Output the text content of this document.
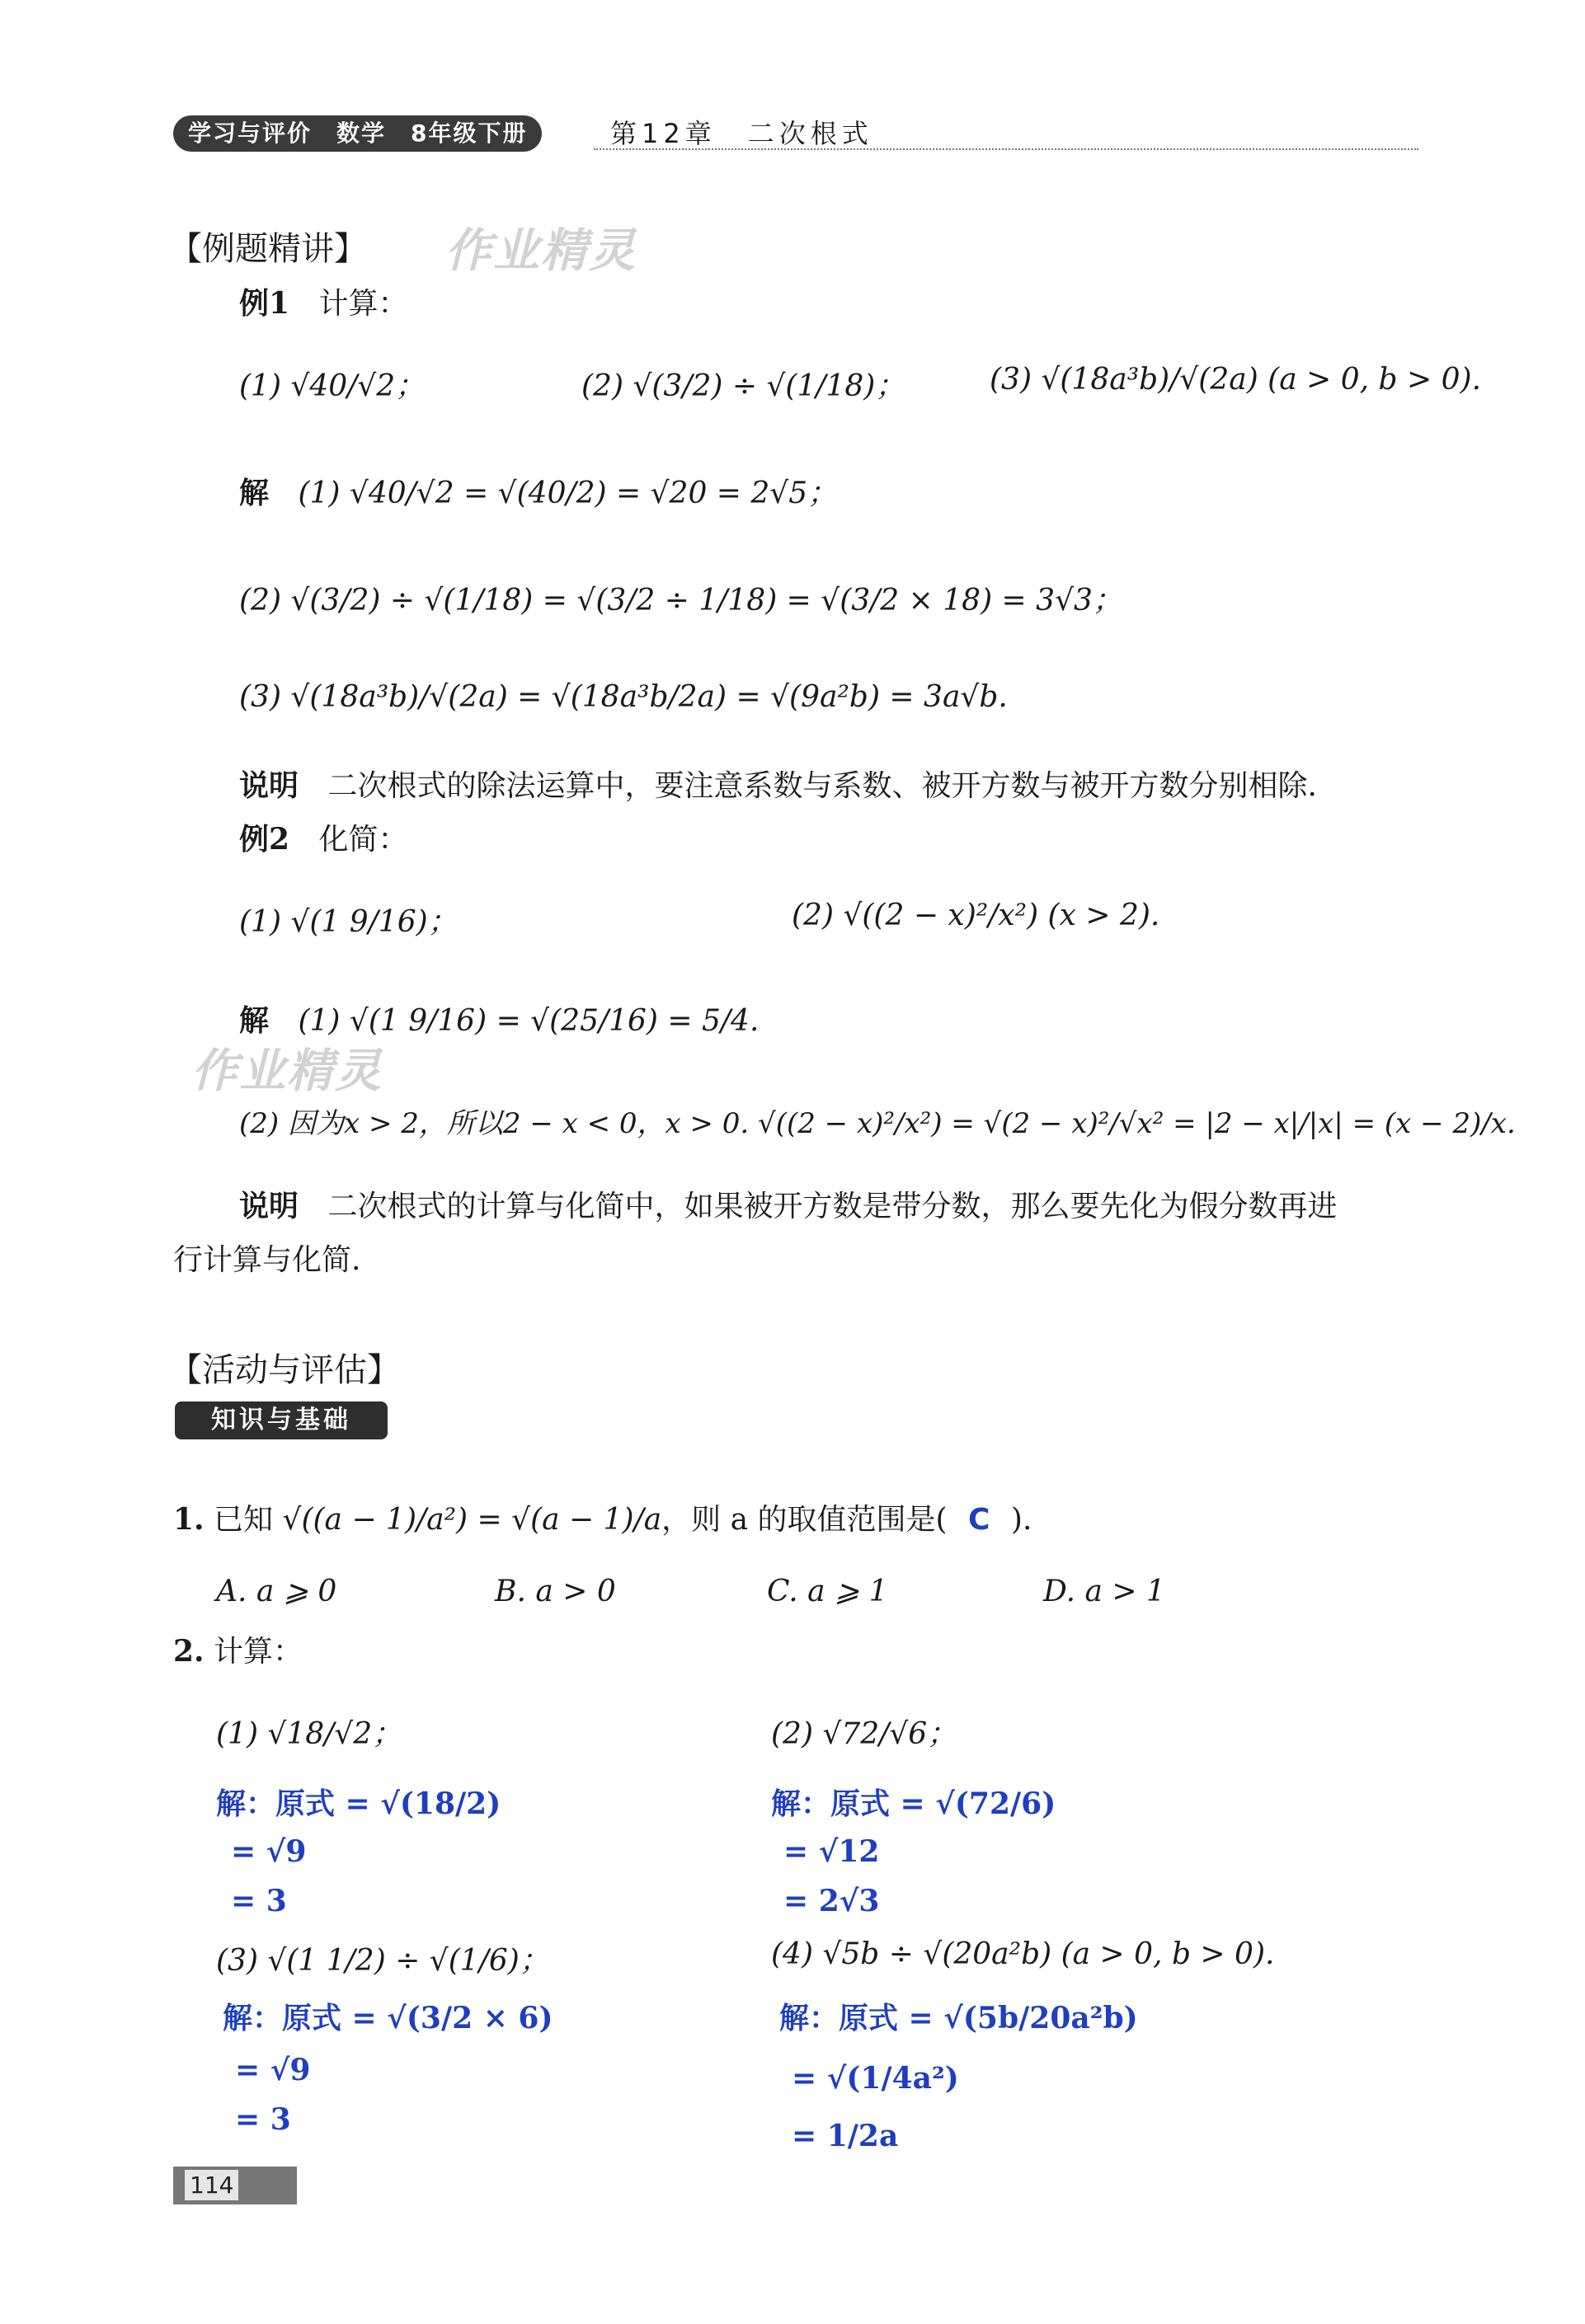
学习与评价　数学　8年级下册	第12章　二次根式
作业精灵
作业精灵
【例题精讲】
例1 计算：
(1) √40/√2；	(2) √(3/2) ÷ √(1/18)；	(3) √(18a³b)/√(2a) (a > 0, b > 0).
解 (1) √40/√2 = √(40/2) = √20 = 2√5；
(2) √(3/2) ÷ √(1/18) = √(3/2 ÷ 1/18) = √(3/2 × 18) = 3√3；
(3) √(18a³b)/√(2a) = √(18a³b/2a) = √(9a²b) = 3a√b.
说明 二次根式的除法运算中，要注意系数与系数、被开方数与被开方数分别相除.
例2 化简：
(1) √(1 9/16)；	(2) √((2 − x)²/x²) (x > 2).
解 (1) √(1 9/16) = √(25/16) = 5/4.
(2) 因为x > 2，所以2 − x < 0，x > 0. √((2 − x)²/x²) = √(2 − x)²/√x² = |2 − x|/|x| = (x − 2)/x.
说明 二次根式的计算与化简中，如果被开方数是带分数，那么要先化为假分数再进
行计算与化简.
【活动与评估】
知识与基础
1. 已知 √((a − 1)/a²) = √(a − 1)/a，则 a 的取值范围是( C ).
A. a ⩾ 0	B. a > 0	C. a ⩾ 1	D. a > 1
2. 计算：
(1) √18/√2；
解：原式 = √(18/2)
= √9
= 3
(2) √72/√6；
解：原式 = √(72/6)
= √12
= 2√3
(3) √(1 1/2) ÷ √(1/6)；
解：原式 = √(3/2 × 6)
= √9
= 3
(4) √5b ÷ √(20a²b) (a > 0, b > 0).
解：原式 = √(5b/20a²b)
= √(1/4a²)
= 1/2a
114
